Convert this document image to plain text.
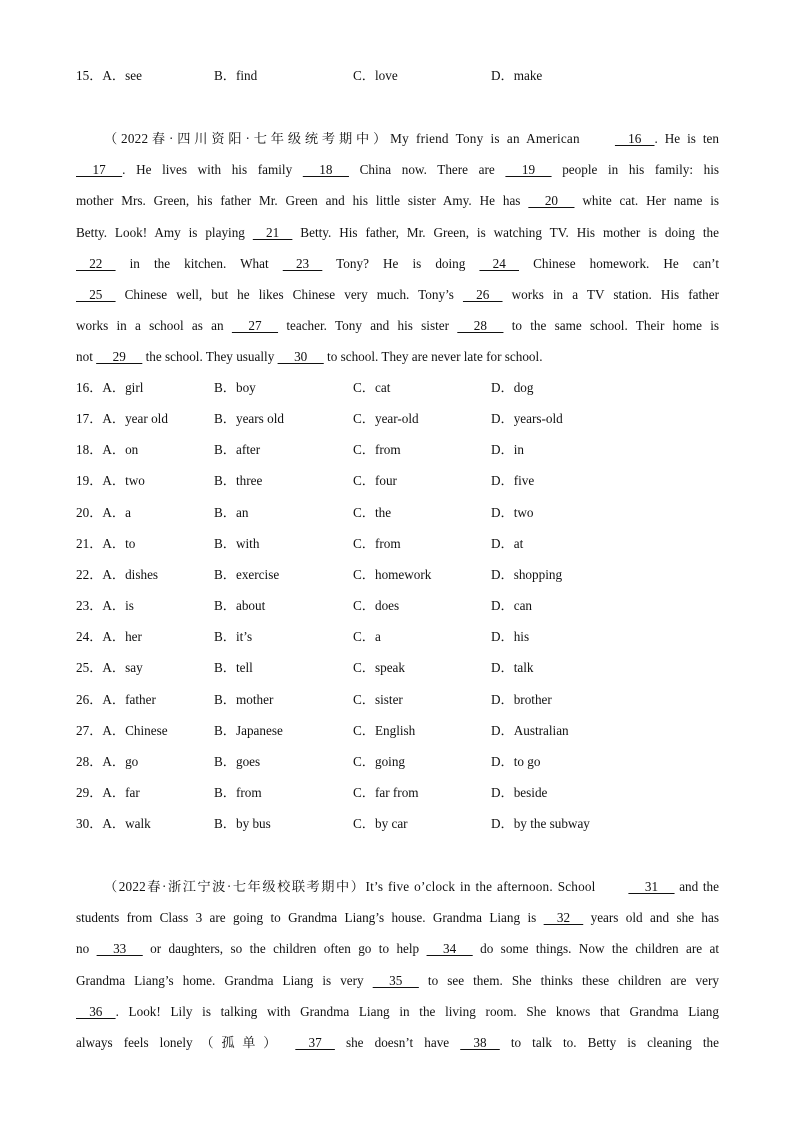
15．A．see	B．find	C．love	D．make
（2022春·四川资阳·七年级统考期中）My friend Tony is an American     16    . He is ten
17     . He lives with his family      18      China now. There are      19      people in his family: his
mother Mrs. Green, his father Mr. Green and his little sister Amy. He has      20      white cat. Her name is
Betty. Look! Amy is playing     21     Betty. His father, Mr. Green, is watching TV. His mother is doing the
22     in the kitchen. What     23     Tony? He is doing     24     Chinese homework. He can’t
25     Chinese well, but he likes Chinese very much. Tony’s     26     works in a TV station. His father
works in a school as an      27      teacher. Tony and his sister      28      to the same school. Their home is
not      29      the school. They usually      30      to school. They are never late for school.
16．A．girl	B．boy	C．cat	D．dog
17．A．year old	B．years old	C．year-old	D．years-old
18．A．on	B．after	C．from	D．in
19．A．two	B．three	C．four	D．five
20．A．a	B．an	C．the	D．two
21．A．to	B．with	C．from	D．at
22．A．dishes	B．exercise	C．homework	D．shopping
23．A．is	B．about	C．does	D．can
24．A．her	B．it’s	C．a	D．his
25．A．say	B．tell	C．speak	D．talk
26．A．father	B．mother	C．sister	D．brother
27．A．Chinese	B．Japanese	C．English	D．Australian
28．A．go	B．goes	C．going	D．to go
29．A．far	B．from	C．far from	D．beside
30．A．walk	B．by bus	C．by car	D．by the subway
（2022春·浙江宁波·七年级校联考期中）It’s five o’clock in the afternoon. School      31      and the
students from Class 3 are going to Grandma Liang’s house. Grandma Liang is     32     years old and she has
no      33      or daughters, so the children often go to help      34      do some things. Now the children are at
Grandma Liang’s home. Grandma Liang is very      35      to see them. She thinks these children are very
36    . Look! Lily is talking with Grandma Liang in the living room. She knows that Grandma Liang
always feels lonely（孤单）     37     she doesn’t have     38     to talk to. Betty is cleaning the
